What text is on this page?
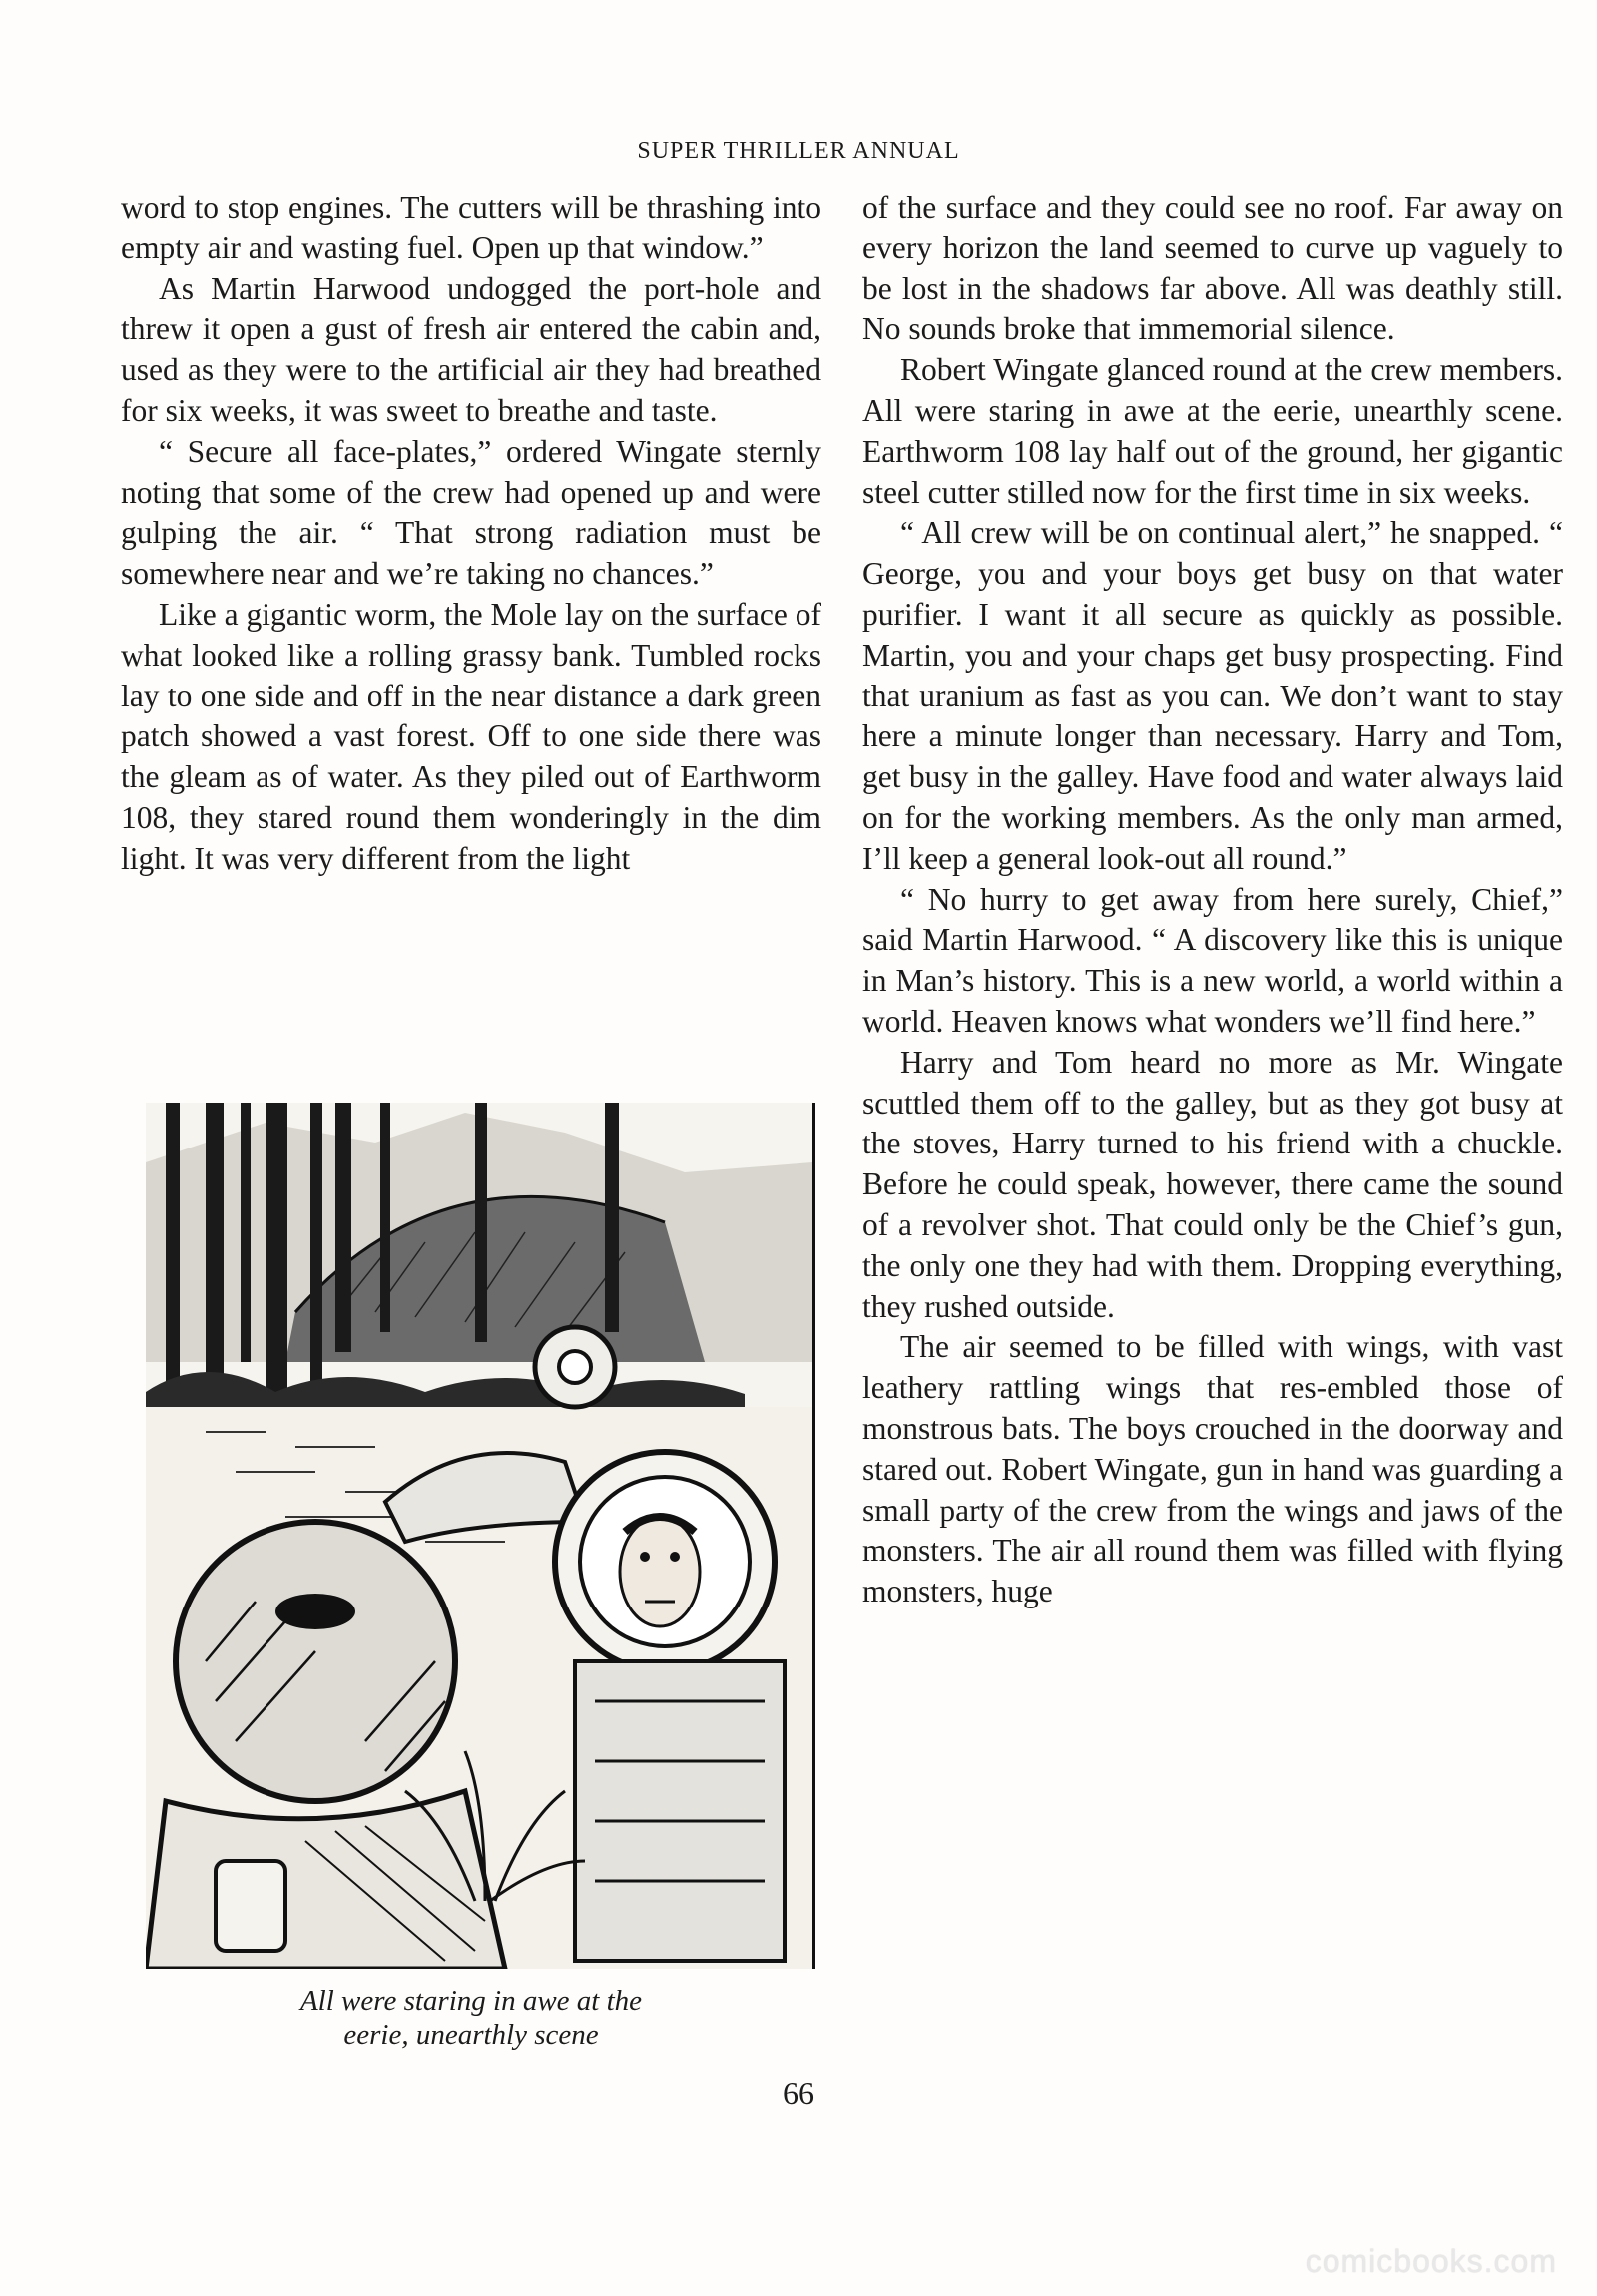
SUPER THRILLER ANNUAL

word to stop engines. The cutters will be thrashing into empty air and wasting fuel. Open up that window.”

As Martin Harwood undogged the port-hole and threw it open a gust of fresh air entered the cabin and, used as they were to the artificial air they had breathed for six weeks, it was sweet to breathe and taste.

“ Secure all face-plates,” ordered Wingate sternly noting that some of the crew had opened up and were gulping the air. “ That strong radiation must be somewhere near and we’re taking no chances.”

Like a gigantic worm, the Mole lay on the surface of what looked like a rolling grassy bank. Tumbled rocks lay to one side and off in the near distance a dark green patch showed a vast forest. Off to one side there was the gleam as of water. As they piled out of Earthworm 108, they stared round them wonderingly in the dim light. It was very different from the light

All were staring in awe at the
eerie, unearthly scene

of the surface and they could see no roof. Far away on every horizon the land seemed to curve up vaguely to be lost in the shadows far above. All was deathly still. No sounds broke that immemorial silence.

Robert Wingate glanced round at the crew members. All were staring in awe at the eerie, unearthly scene. Earthworm 108 lay half out of the ground, her gigantic steel cutter stilled now for the first time in six weeks.

“ All crew will be on continual alert,” he snapped. “ George, you and your boys get busy on that water purifier. I want it all secure as quickly as possible. Martin, you and your chaps get busy prospecting. Find that uranium as fast as you can. We don’t want to stay here a minute longer than necessary. Harry and Tom, get busy in the galley. Have food and water always laid on for the working members. As the only man armed, I’ll keep a general look-out all round.”

“ No hurry to get away from here surely, Chief,” said Martin Harwood. “ A discovery like this is unique in Man’s history. This is a new world, a world within a world. Heaven knows what wonders we’ll find here.”

Harry and Tom heard no more as Mr. Wingate scuttled them off to the galley, but as they got busy at the stoves, Harry turned to his friend with a chuckle. Before he could speak, however, there came the sound of a revolver shot. That could only be the Chief’s gun, the only one they had with them. Dropping everything, they rushed outside.

The air seemed to be filled with wings, with vast leathery rattling wings that res-embled those of monstrous bats. The boys crouched in the doorway and stared out. Robert Wingate, gun in hand was guarding a small party of the crew from the wings and jaws of the monsters. The air all round them was filled with flying monsters, huge

66
comicbooks.com
